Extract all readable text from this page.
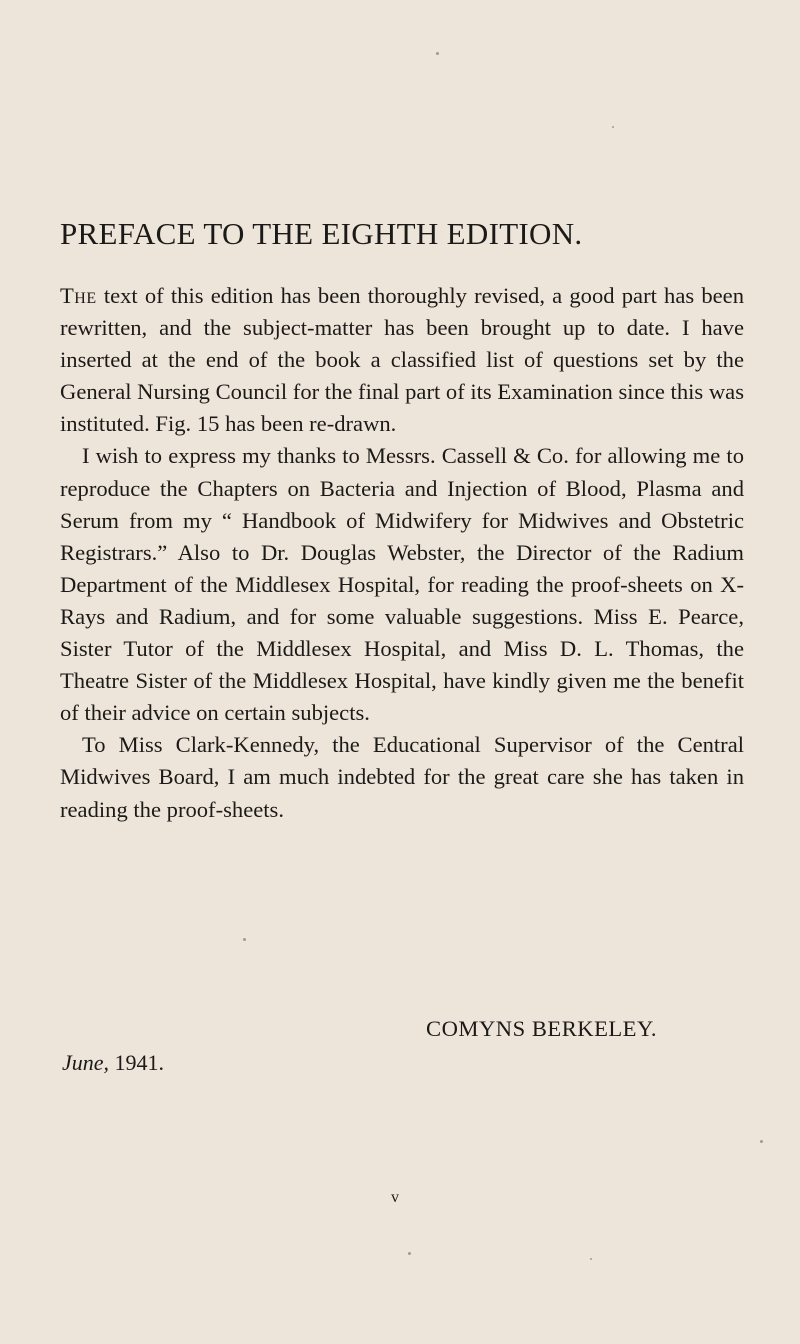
PREFACE TO THE EIGHTH EDITION.

The text of this edition has been thoroughly revised, a good part has been rewritten, and the subject-matter has been brought up to date. I have inserted at the end of the book a classified list of questions set by the General Nursing Council for the final part of its Examination since this was instituted. Fig. 15 has been re-drawn.

I wish to express my thanks to Messrs. Cassell & Co. for allowing me to reproduce the Chapters on Bacteria and Injection of Blood, Plasma and Serum from my “ Handbook of Midwifery for Midwives and Obstetric Registrars.” Also to Dr. Douglas Webster, the Director of the Radium Department of the Middlesex Hospital, for reading the proof-sheets on X-Rays and Radium, and for some valuable suggestions. Miss E. Pearce, Sister Tutor of the Middlesex Hospital, and Miss D. L. Thomas, the Theatre Sister of the Middlesex Hospital, have kindly given me the benefit of their advice on certain subjects.

To Miss Clark-Kennedy, the Educational Supervisor of the Central Midwives Board, I am much indebted for the great care she has taken in reading the proof-sheets.

COMYNS BERKELEY.
June, 1941.
v
